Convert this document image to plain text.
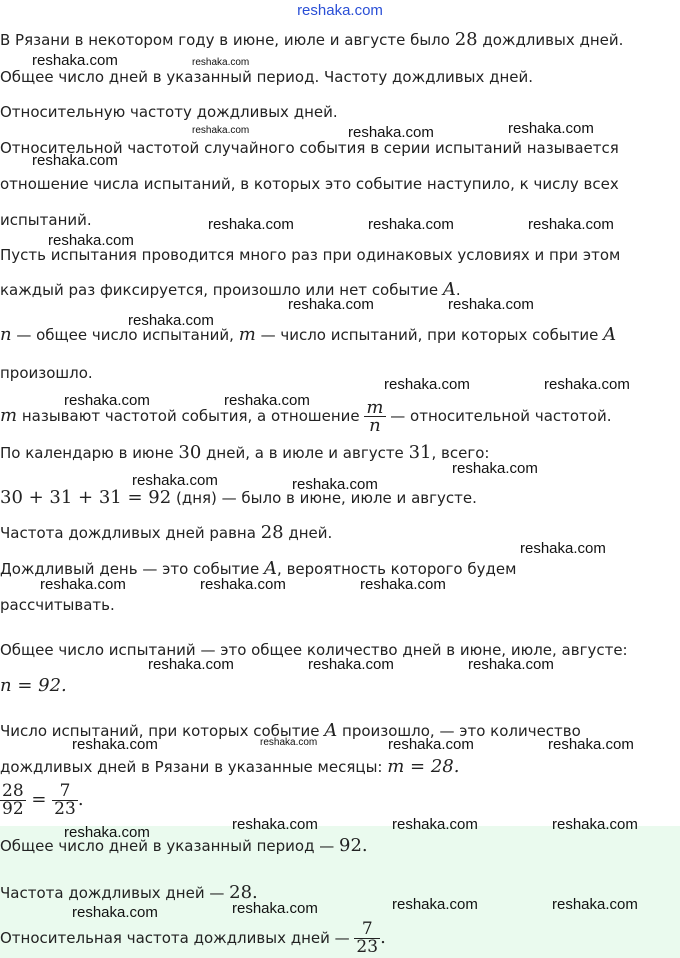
reshaka.com
В Рязани в некотором году в июне, июле и августе было 28 дождливых дней.
Общее число дней в указанный период. Частоту дождливых дней.
Относительную частоту дождливых дней.
Относительной частотой случайного события в серии испытаний называется
отношение числа испытаний, в которых это событие наступило, к числу всех
испытаний.
Пусть испытания проводится много раз при одинаковых условиях и при этом
каждый раз фиксируется, произошло или нет событие A.
n — общее число испытаний, m — число испытаний, при которых событие A
произошло.
m называют частотой события, а отношение $\frac{m}{n}$ — относительной частотой.
По календарю в июне 30 дней, а в июле и августе 31, всего:
30 + 31 + 31 = 92 (дня) — было в июне, июле и августе.
Частота дождливых дней равна 28 дней.
Дождливый день — это событие A, вероятность которого будем
рассчитывать.
Общее число испытаний — это общее количество дней в июне, июле, августе:
n = 92.
Число испытаний, при которых событие A произошло, — это количество
дождливых дней в Рязани в указанные месяцы: m = 28.
$\frac{28}{92} = \frac{7}{23}$ .
Общее число дней в указанный период — 92.
Частота дождливых дней — 28.
Относительная частота дождливых дней — $\frac{7}{23}$ .
reshaka.com	reshaka.com
reshaka.com	reshaka.com	reshaka.com
reshaka.com
reshaka.com	reshaka.com	reshaka.com
reshaka.com
reshaka.com	reshaka.com
reshaka.com
reshaka.com	reshaka.com
reshaka.com	reshaka.com
reshaka.com
reshaka.com	reshaka.com
reshaka.com
reshaka.com	reshaka.com	reshaka.com
reshaka.com	reshaka.com	reshaka.com
reshaka.com	reshaka.com	reshaka.com	reshaka.com
reshaka.com	reshaka.com	reshaka.com
reshaka.com
reshaka.com	reshaka.com	reshaka.com
reshaka.com
